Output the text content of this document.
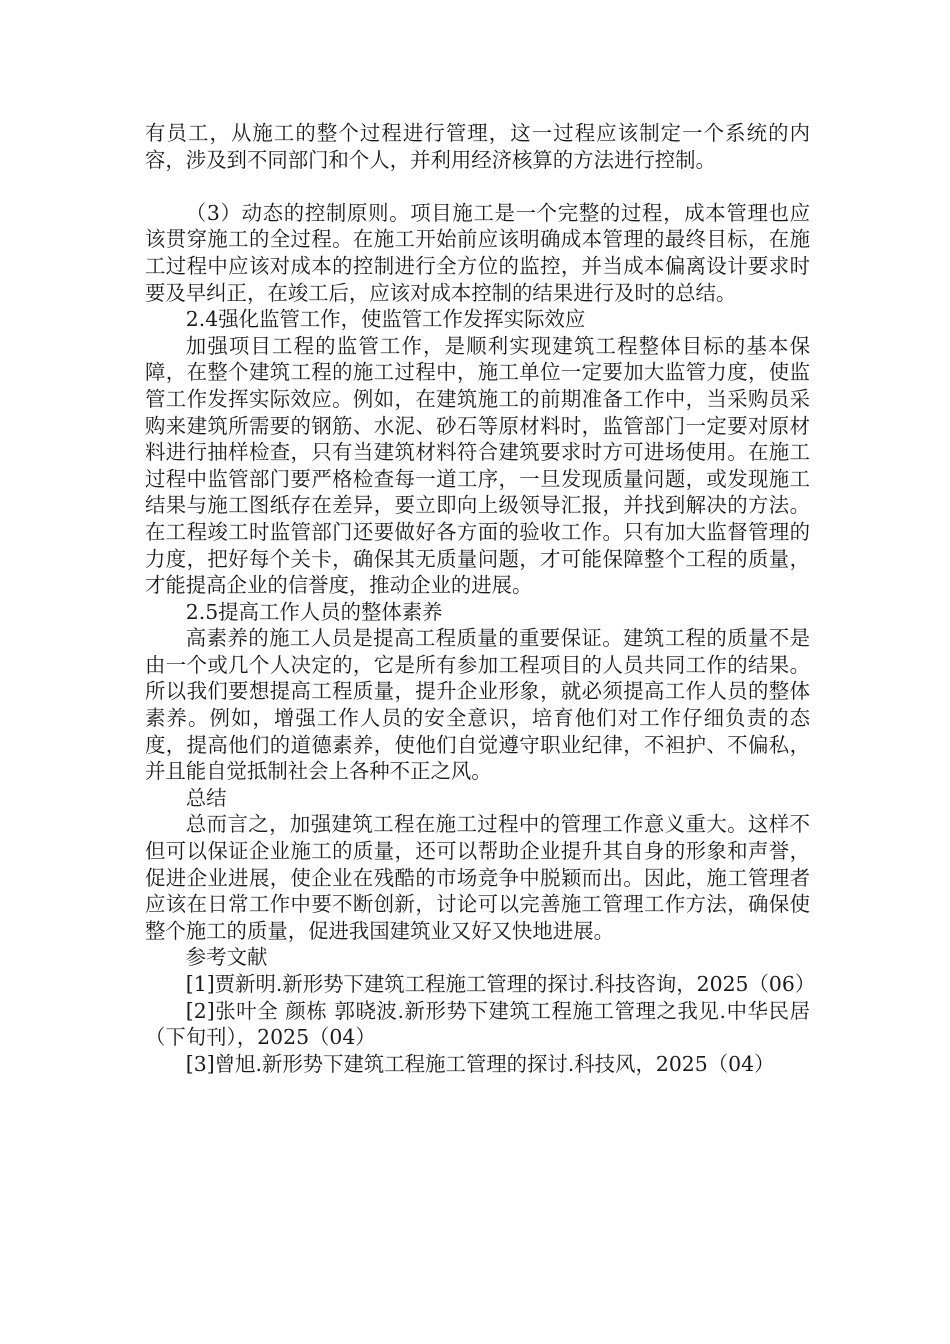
有员工，从施工的整个过程进行管理，这一过程应该制定一个系统的内容，涉及到不同部门和个人，并利用经济核算的方法进行控制。

（3）动态的控制原则。项目施工是一个完整的过程，成本管理也应该贯穿施工的全过程。在施工开始前应该明确成本管理的最终目标，在施工过程中应该对成本的控制进行全方位的监控，并当成本偏离设计要求时要及早纠正，在竣工后，应该对成本控制的结果进行及时的总结。

2.4强化监管工作，使监管工作发挥实际效应

加强项目工程的监管工作，是顺利实现建筑工程整体目标的基本保障，在整个建筑工程的施工过程中，施工单位一定要加大监管力度，使监管工作发挥实际效应。例如，在建筑施工的前期准备工作中，当采购员采购来建筑所需要的钢筋、水泥、砂石等原材料时，监管部门一定要对原材料进行抽样检查，只有当建筑材料符合建筑要求时方可进场使用。在施工过程中监管部门要严格检查每一道工序，一旦发现质量问题，或发现施工结果与施工图纸存在差异，要立即向上级领导汇报，并找到解决的方法。在工程竣工时监管部门还要做好各方面的验收工作。只有加大监督管理的力度，把好每个关卡，确保其无质量问题，才可能保障整个工程的质量，才能提高企业的信誉度，推动企业的进展。

2.5提高工作人员的整体素养

高素养的施工人员是提高工程质量的重要保证。建筑工程的质量不是由一个或几个人决定的，它是所有参加工程项目的人员共同工作的结果。所以我们要想提高工程质量，提升企业形象，就必须提高工作人员的整体素养。例如，增强工作人员的安全意识，培育他们对工作仔细负责的态度，提高他们的道德素养，使他们自觉遵守职业纪律，不袒护、不偏私，并且能自觉抵制社会上各种不正之风。

总结

总而言之，加强建筑工程在施工过程中的管理工作意义重大。这样不但可以保证企业施工的质量，还可以帮助企业提升其自身的形象和声誉，促进企业进展，使企业在残酷的市场竞争中脱颖而出。因此，施工管理者应该在日常工作中要不断创新，讨论可以完善施工管理工作方法，确保使整个施工的质量，促进我国建筑业又好又快地进展。

参考文献

[1]贾新明.新形势下建筑工程施工管理的探讨.科技咨询，2025（06）

[2]张叶全 颜栋 郭晓波.新形势下建筑工程施工管理之我见.中华民居（下旬刊），2025（04）

[3]曾旭.新形势下建筑工程施工管理的探讨.科技风，2025（04）
